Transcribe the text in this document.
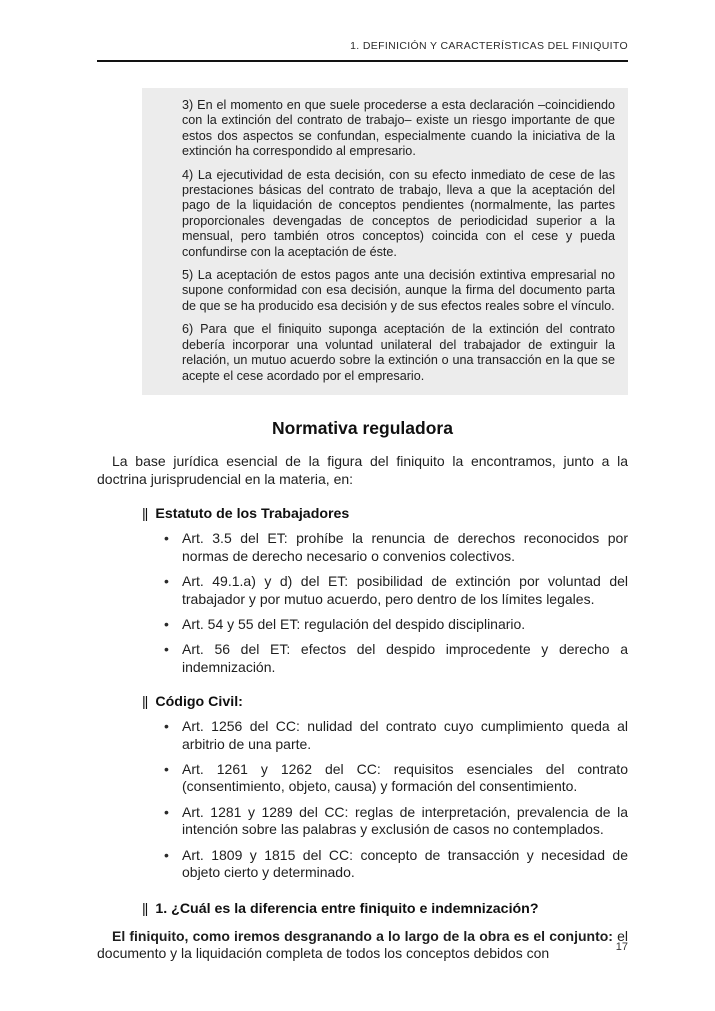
1. DEFINICIÓN Y CARACTERÍSTICAS DEL FINIQUITO

3) En el momento en que suele procederse a esta declaración –coincidiendo con la extinción del contrato de trabajo– existe un riesgo importante de que estos dos aspectos se confundan, especialmente cuando la iniciativa de la extinción ha correspondido al empresario.

4) La ejecutividad de esta decisión, con su efecto inmediato de cese de las prestaciones básicas del contrato de trabajo, lleva a que la aceptación del pago de la liquidación de conceptos pendientes (normalmente, las partes proporcionales devengadas de conceptos de periodicidad superior a la mensual, pero también otros conceptos) coincida con el cese y pueda confundirse con la aceptación de éste.

5) La aceptación de estos pagos ante una decisión extintiva empresarial no supone conformidad con esa decisión, aunque la firma del documento parta de que se ha producido esa decisión y de sus efectos reales sobre el vínculo.

6) Para que el finiquito suponga aceptación de la extinción del contrato debería incorporar una voluntad unilateral del trabajador de extinguir la relación, un mutuo acuerdo sobre la extinción o una transacción en la que se acepte el cese acordado por el empresario.

Normativa reguladora

La base jurídica esencial de la figura del finiquito la encontramos, junto a la doctrina jurisprudencial en la materia, en:

|| Estatuto de los Trabajadores
• Art. 3.5 del ET: prohíbe la renuncia de derechos reconocidos por normas de derecho necesario o convenios colectivos.
• Art. 49.1.a) y d) del ET: posibilidad de extinción por voluntad del trabajador y por mutuo acuerdo, pero dentro de los límites legales.
• Art. 54 y 55 del ET: regulación del despido disciplinario.
• Art. 56 del ET: efectos del despido improcedente y derecho a indemnización.
|| Código Civil:
• Art. 1256 del CC: nulidad del contrato cuyo cumplimiento queda al arbitrio de una parte.
• Art. 1261 y 1262 del CC: requisitos esenciales del contrato (consentimiento, objeto, causa) y formación del consentimiento.
• Art. 1281 y 1289 del CC: reglas de interpretación, prevalencia de la intención sobre las palabras y exclusión de casos no contemplados.
• Art. 1809 y 1815 del CC: concepto de transacción y necesidad de objeto cierto y determinado.
|| 1. ¿Cuál es la diferencia entre finiquito e indemnización?

El finiquito, como iremos desgranando a lo largo de la obra es el conjunto: el documento y la liquidación completa de todos los conceptos debidos con	17
